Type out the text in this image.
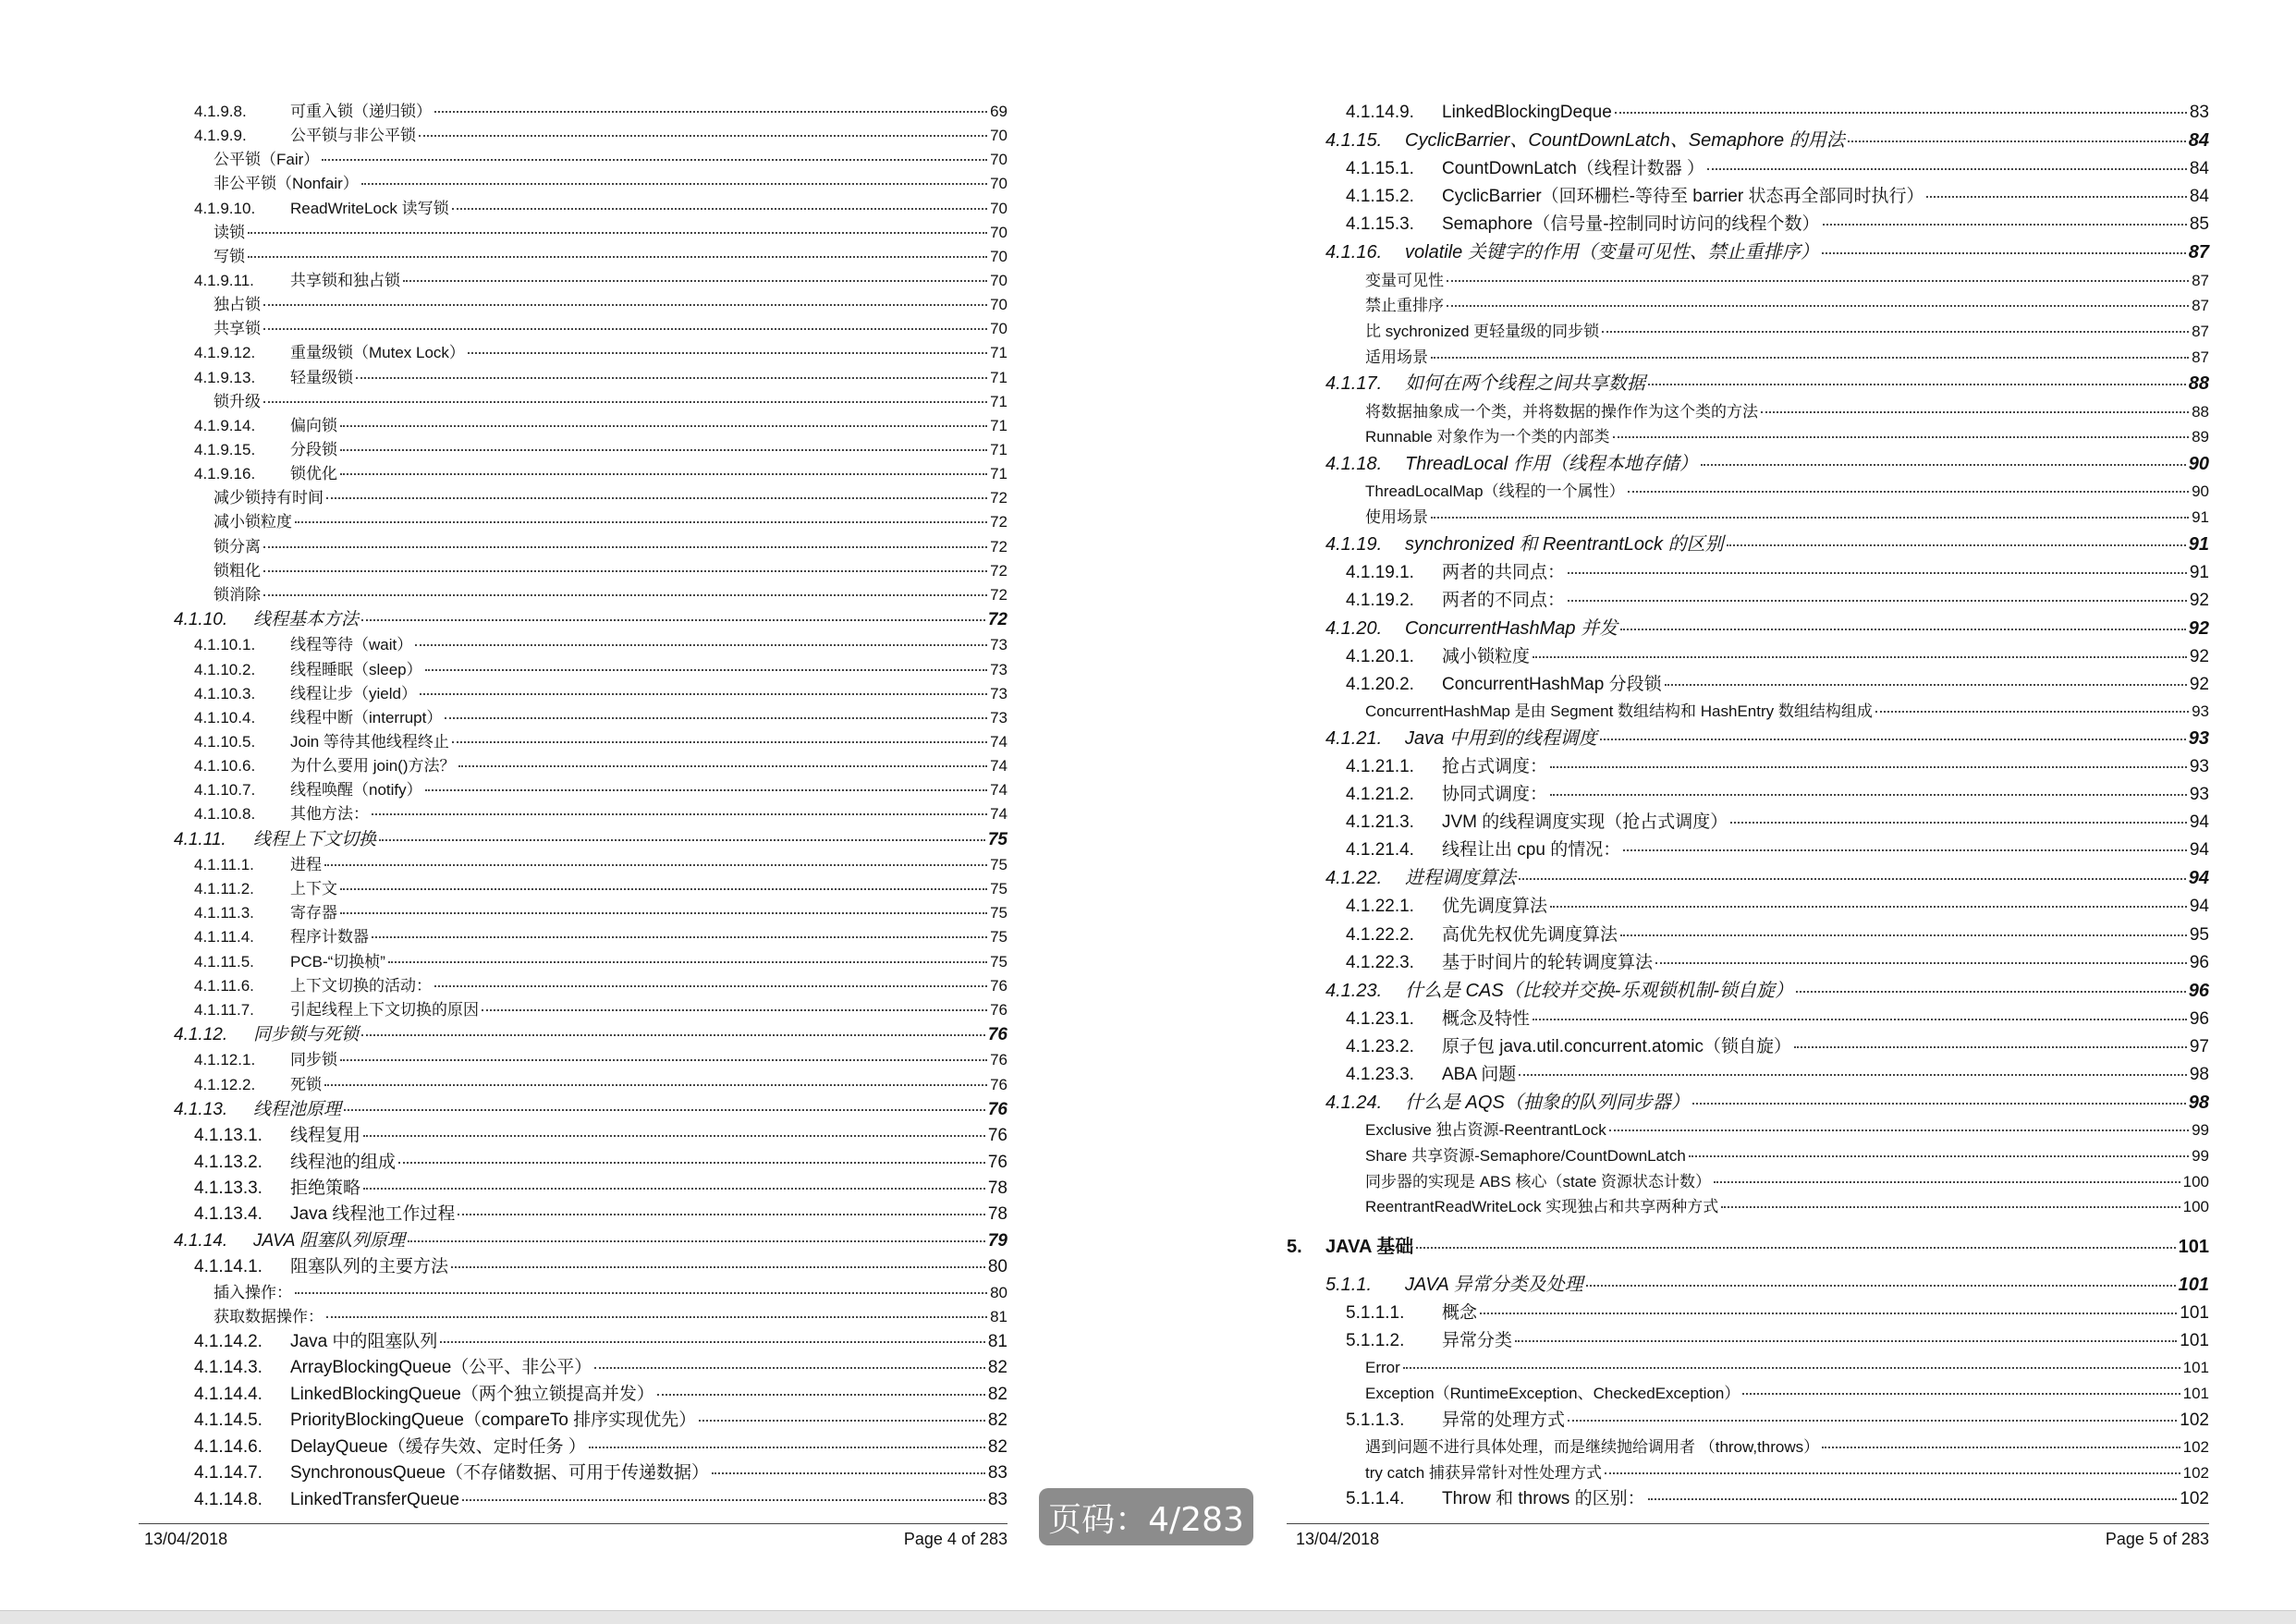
4.1.9.8.	可重入锁（递归锁）	69
4.1.9.9.	公平锁与非公平锁	70
公平锁（Fair）	70
非公平锁（Nonfair）	70
4.1.9.10.	ReadWriteLock 读写锁	70
读锁	70
写锁	70
4.1.9.11.	共享锁和独占锁	70
独占锁	70
共享锁	70
4.1.9.12.	重量级锁（Mutex Lock）	71
4.1.9.13.	轻量级锁	71
锁升级	71
4.1.9.14.	偏向锁	71
4.1.9.15.	分段锁	71
4.1.9.16.	锁优化	71
减少锁持有时间	72
减小锁粒度	72
锁分离	72
锁粗化	72
锁消除	72
4.1.10.	线程基本方法	72
4.1.10.1.	线程等待（wait）	73
4.1.10.2.	线程睡眠（sleep）	73
4.1.10.3.	线程让步（yield）	73
4.1.10.4.	线程中断（interrupt）	73
4.1.10.5.	Join 等待其他线程终止	74
4.1.10.6.	为什么要用 join()方法？	74
4.1.10.7.	线程唤醒（notify）	74
4.1.10.8.	其他方法：	74
4.1.11.	线程上下文切换	75
4.1.11.1.	进程	75
4.1.11.2.	上下文	75
4.1.11.3.	寄存器	75
4.1.11.4.	程序计数器	75
4.1.11.5.	PCB-“切换桢”	75
4.1.11.6.	上下文切换的活动：	76
4.1.11.7.	引起线程上下文切换的原因	76
4.1.12.	同步锁与死锁	76
4.1.12.1.	同步锁	76
4.1.12.2.	死锁	76
4.1.13.	线程池原理	76
4.1.13.1.	线程复用	76
4.1.13.2.	线程池的组成	76
4.1.13.3.	拒绝策略	78
4.1.13.4.	Java 线程池工作过程	78
4.1.14.	JAVA 阻塞队列原理	79
4.1.14.1.	阻塞队列的主要方法	80
插入操作：	80
获取数据操作：	81
4.1.14.2.	Java 中的阻塞队列	81
4.1.14.3.	ArrayBlockingQueue（公平、非公平）	82
4.1.14.4.	LinkedBlockingQueue（两个独立锁提高并发）	82
4.1.14.5.	PriorityBlockingQueue（compareTo 排序实现优先）	82
4.1.14.6.	DelayQueue（缓存失效、定时任务 ）	82
4.1.14.7.	SynchronousQueue（不存储数据、可用于传递数据）	83
4.1.14.8.	LinkedTransferQueue	83
13/04/2018	Page 4 of 283
4.1.14.9.	LinkedBlockingDeque	83
4.1.15.	CyclicBarrier、CountDownLatch、Semaphore 的用法	84
4.1.15.1.	CountDownLatch（线程计数器 ）	84
4.1.15.2.	CyclicBarrier（回环栅栏-等待至 barrier 状态再全部同时执行）	84
4.1.15.3.	Semaphore（信号量-控制同时访问的线程个数）	85
4.1.16.	volatile 关键字的作用（变量可见性、禁止重排序）	87
变量可见性	87
禁止重排序	87
比 sychronized 更轻量级的同步锁	87
适用场景	87
4.1.17.	如何在两个线程之间共享数据	88
将数据抽象成一个类，并将数据的操作作为这个类的方法	88
Runnable 对象作为一个类的内部类	89
4.1.18.	ThreadLocal 作用（线程本地存储）	90
ThreadLocalMap（线程的一个属性）	90
使用场景	91
4.1.19.	synchronized 和 ReentrantLock 的区别	91
4.1.19.1.	两者的共同点：	91
4.1.19.2.	两者的不同点：	92
4.1.20.	ConcurrentHashMap 并发	92
4.1.20.1.	减小锁粒度	92
4.1.20.2.	ConcurrentHashMap 分段锁	92
ConcurrentHashMap 是由 Segment 数组结构和 HashEntry 数组结构组成	93
4.1.21.	Java 中用到的线程调度	93
4.1.21.1.	抢占式调度：	93
4.1.21.2.	协同式调度：	93
4.1.21.3.	JVM 的线程调度实现（抢占式调度）	94
4.1.21.4.	线程让出 cpu 的情况：	94
4.1.22.	进程调度算法	94
4.1.22.1.	优先调度算法	94
4.1.22.2.	高优先权优先调度算法	95
4.1.22.3.	基于时间片的轮转调度算法	96
4.1.23.	什么是 CAS（比较并交换-乐观锁机制-锁自旋）	96
4.1.23.1.	概念及特性	96
4.1.23.2.	原子包 java.util.concurrent.atomic（锁自旋）	97
4.1.23.3.	ABA 问题	98
4.1.24.	什么是 AQS（抽象的队列同步器）	98
Exclusive 独占资源-ReentrantLock	99
Share 共享资源-Semaphore/CountDownLatch	99
同步器的实现是 ABS 核心（state 资源状态计数）	100
ReentrantReadWriteLock 实现独占和共享两种方式	100
5.	JAVA 基础	101
5.1.1.	JAVA 异常分类及处理	101
5.1.1.1.	概念	101
5.1.1.2.	异常分类	101
Error	101
Exception（RuntimeException、CheckedException）	101
5.1.1.3.	异常的处理方式	102
遇到问题不进行具体处理，而是继续抛给调用者 （throw,throws）	102
try catch 捕获异常针对性处理方式	102
5.1.1.4.	Throw 和 throws 的区别：	102
13/04/2018	Page 5 of 283
页码：4/283
